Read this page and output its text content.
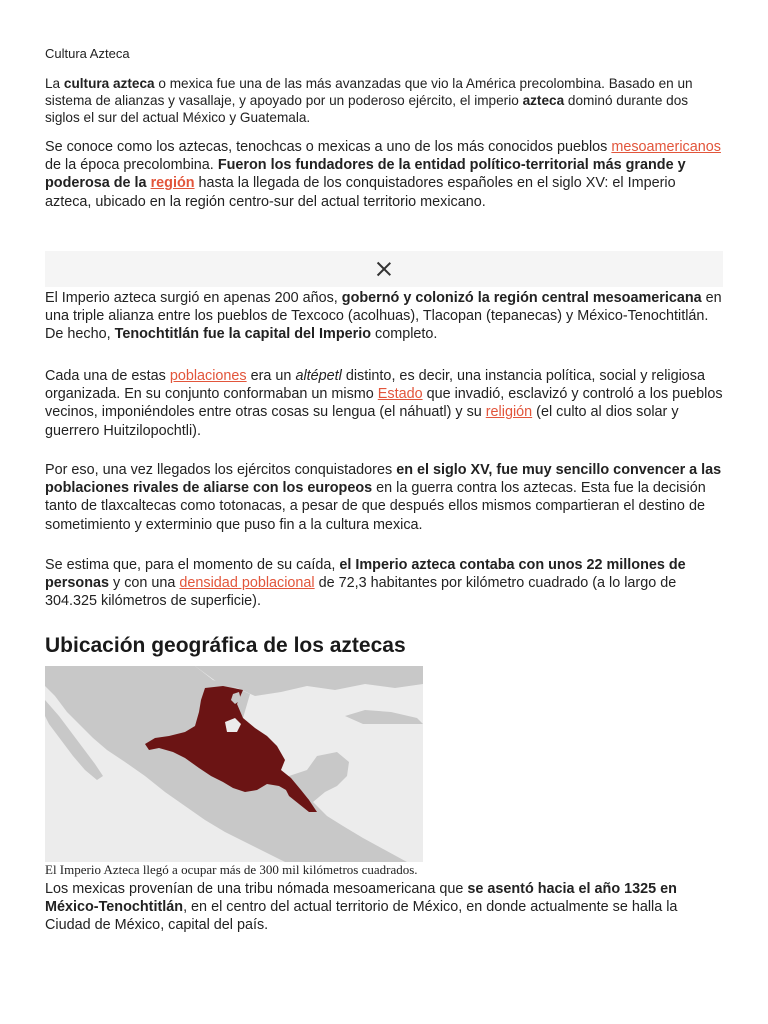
Cultura Azteca

La cultura azteca o mexica fue una de las más avanzadas que vio la América precolombina. Basado en un sistema de alianzas y vasallaje, y apoyado por un poderoso ejército, el imperio azteca dominó durante dos siglos el sur del actual México y Guatemala.

Se conoce como los aztecas, tenochcas o mexicas a uno de los más conocidos pueblos mesoamericanos de la época precolombina. Fueron los fundadores de la entidad político-territorial más grande y poderosa de la región hasta la llegada de los conquistadores españoles en el siglo XV: el Imperio azteca, ubicado en la región centro-sur del actual territorio mexicano.

El Imperio azteca surgió en apenas 200 años, gobernó y colonizó la región central mesoamericana en una triple alianza entre los pueblos de Texcoco (acolhuas), Tlacopan (tepanecas) y México-Tenochtitlán. De hecho, Tenochtitlán fue la capital del Imperio completo.

Cada una de estas poblaciones era un altépetl distinto, es decir, una instancia política, social y religiosa organizada. En su conjunto conformaban un mismo Estado que invadió, esclavizó y controló a los pueblos vecinos, imponiéndoles entre otras cosas su lengua (el náhuatl) y su religión (el culto al dios solar y guerrero Huitzilopochtli).

Por eso, una vez llegados los ejércitos conquistadores en el siglo XV, fue muy sencillo convencer a las poblaciones rivales de aliarse con los europeos en la guerra contra los aztecas. Esta fue la decisión tanto de tlaxcaltecas como totonacas, a pesar de que después ellos mismos compartieran el destino de sometimiento y exterminio que puso fin a la cultura mexica.

Se estima que, para el momento de su caída, el Imperio azteca contaba con unos 22 millones de personas y con una densidad poblacional de 72,3 habitantes por kilómetro cuadrado (a lo largo de 304.325 kilómetros de superficie).

Ubicación geográfica de los aztecas
El Imperio Azteca llegó a ocupar más de 300 mil kilómetros cuadrados.

Los mexicas provenían de una tribu nómada mesoamericana que se asentó hacia el año 1325 en México-Tenochtitlán, en el centro del actual territorio de México, en donde actualmente se halla la Ciudad de México, capital del país.
